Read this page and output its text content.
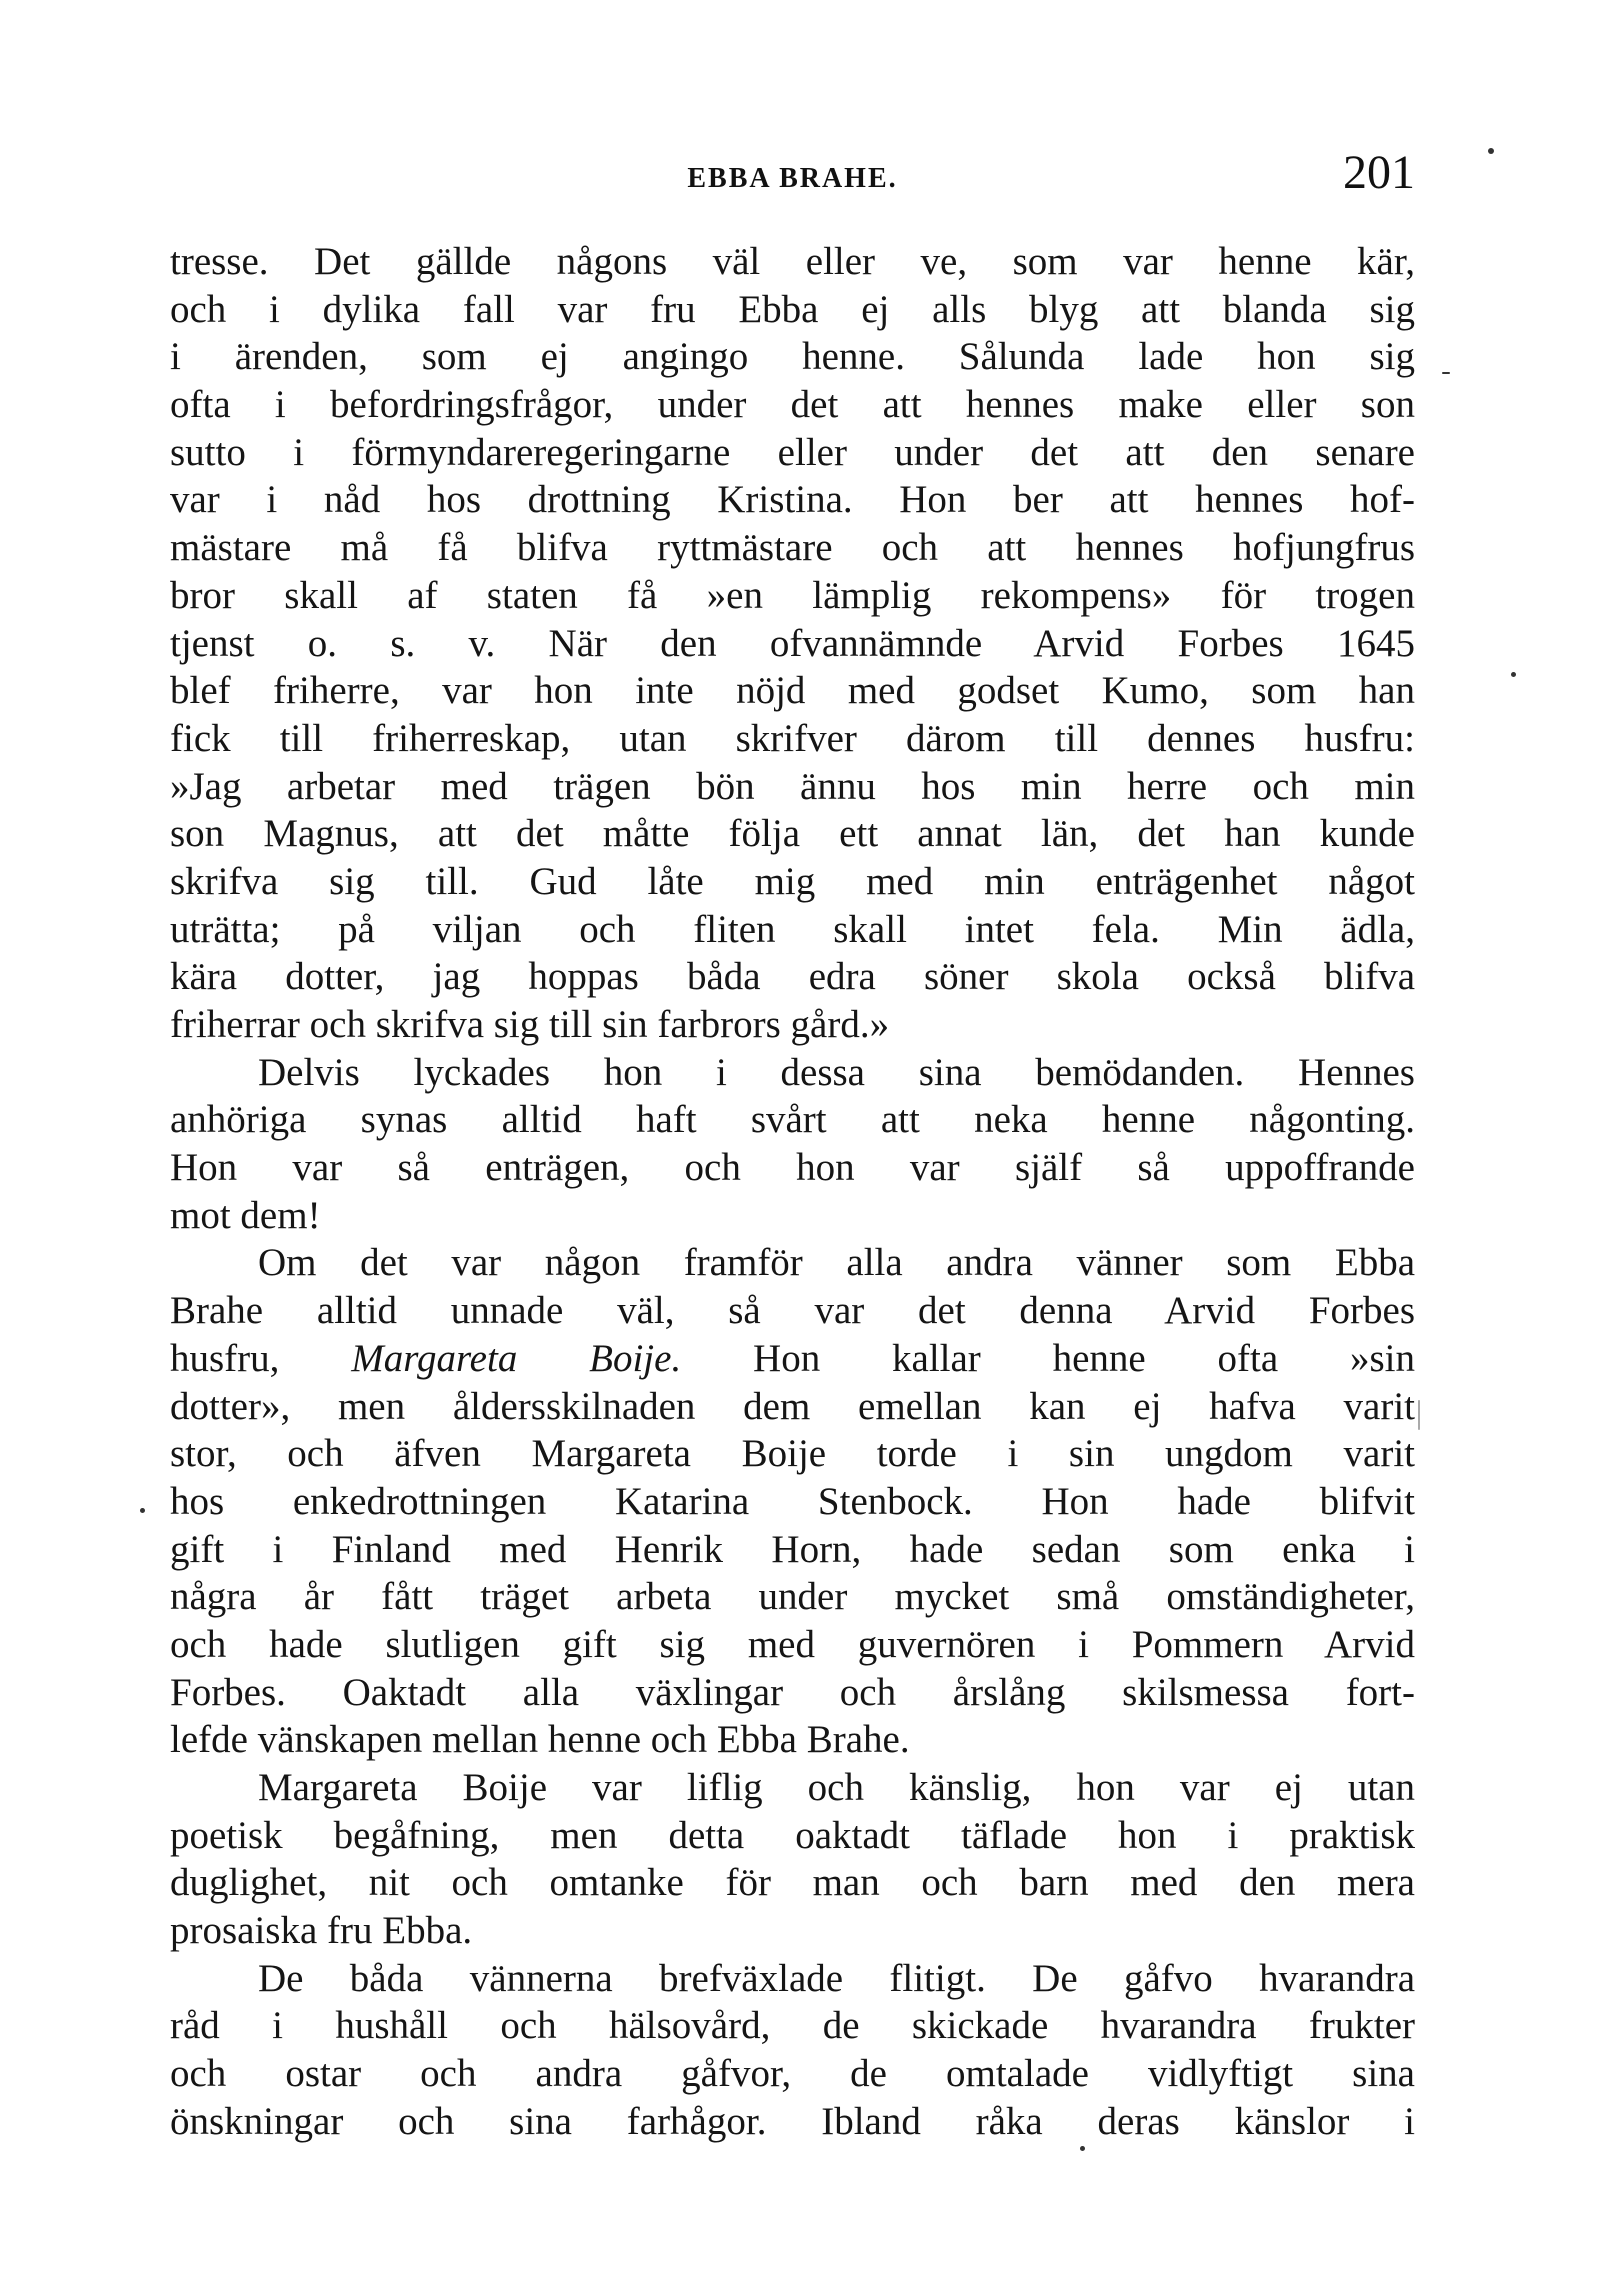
EBBA BRAHE.	201
tresse. Det gällde någons väl eller ve, som var henne kär,
och i dylika fall var fru Ebba ej alls blyg att blanda sig
i ärenden, som ej angingo henne. Sålunda lade hon sig
ofta i befordringsfrågor, under det att hennes make eller son
sutto i förmyndareregeringarne eller under det att den senare
var i nåd hos drottning Kristina. Hon ber att hennes hof-
mästare må få blifva ryttmästare och att hennes hofjungfrus
bror skall af staten få »en lämplig rekompens» för trogen
tjenst o. s. v. När den ofvannämnde Arvid Forbes 1645
blef friherre, var hon inte nöjd med godset Kumo, som han
fick till friherreskap, utan skrifver därom till dennes husfru:
»Jag arbetar med trägen bön ännu hos min herre och min
son Magnus, att det måtte följa ett annat län, det han kunde
skrifva sig till. Gud låte mig med min enträgenhet något
uträtta; på viljan och fliten skall intet fela. Min ädla,
kära dotter, jag hoppas båda edra söner skola också blifva
friherrar och skrifva sig till sin farbrors gård.»
Delvis lyckades hon i dessa sina bemödanden. Hennes
anhöriga synas alltid haft svårt att neka henne någonting.
Hon var så enträgen, och hon var själf så uppoffrande
mot dem!
Om det var någon framför alla andra vänner som Ebba
Brahe alltid unnade väl, så var det denna Arvid Forbes
husfru, Margareta Boije. Hon kallar henne ofta »sin
dotter», men åldersskilnaden dem emellan kan ej hafva varit
stor, och äfven Margareta Boije torde i sin ungdom varit
hos enkedrottningen Katarina Stenbock. Hon hade blifvit
gift i Finland med Henrik Horn, hade sedan som enka i
några år fått träget arbeta under mycket små omständigheter,
och hade slutligen gift sig med guvernören i Pommern Arvid
Forbes. Oaktadt alla växlingar och årslång skilsmessa fort-
lefde vänskapen mellan henne och Ebba Brahe.
Margareta Boije var liflig och känslig, hon var ej utan
poetisk begåfning, men detta oaktadt täflade hon i praktisk
duglighet, nit och omtanke för man och barn med den mera
prosaiska fru Ebba.
De båda vännerna brefväxlade flitigt. De gåfvo hvarandra
råd i hushåll och hälsovård, de skickade hvarandra frukter
och ostar och andra gåfvor, de omtalade vidlyftigt sina
önskningar och sina farhågor. Ibland råka deras känslor i
